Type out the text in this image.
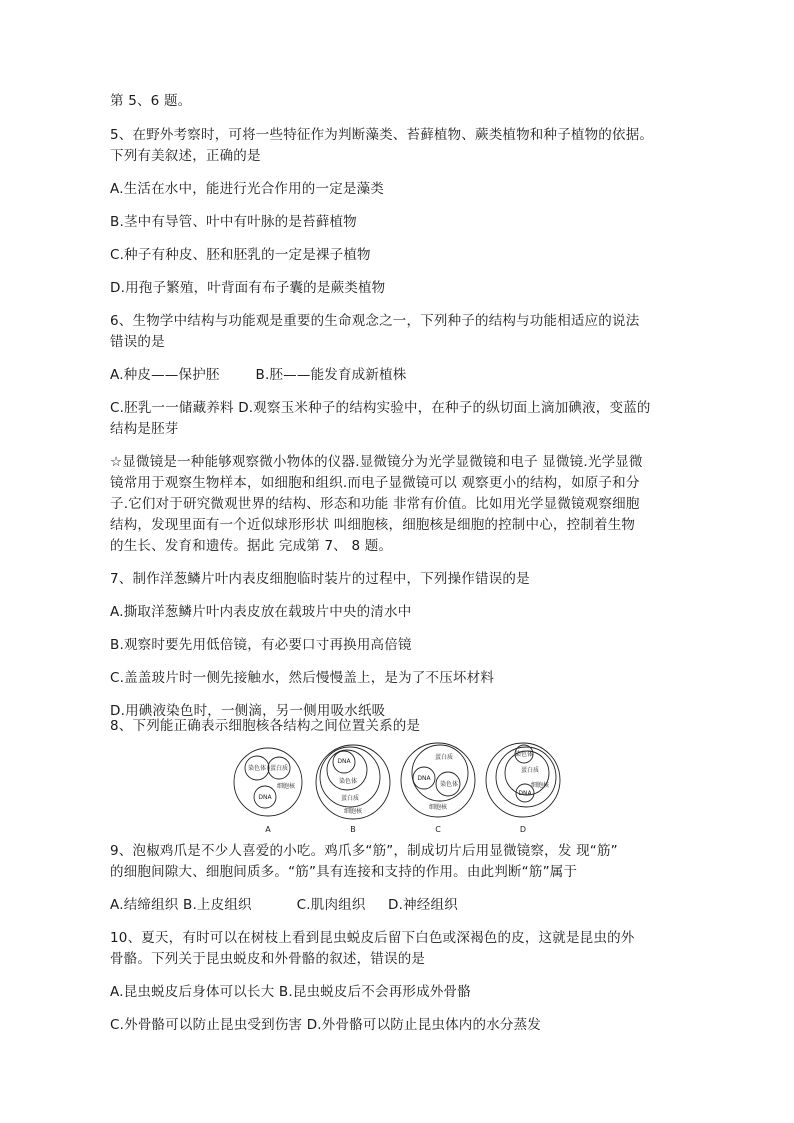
第 5、6 题。
5、在野外考察时，可将一些特征作为判断藻类、苔藓植物、蕨类植物和种子植物的依据。
下列有美叙述，正确的是
A.生活在水中，能进行光合作用的一定是藻类
B.茎中有导管、叶中有叶脉的是苔藓植物
C.种子有种皮、胚和胚乳的一定是裸子植物
D.用孢子繁殖，叶背面有布子囊的是蕨类植物
6、生物学中结构与功能观是重要的生命观念之一，下列种子的结构与功能相适应的说法
错误的是
A.种皮——保护胚        B.胚——能发育成新植株
C.胚乳一一储藏养料 D.观察玉米种子的结构实验中，在种子的纵切面上滴加碘液，变蓝的
结构是胚芽
☆显微镜是一种能够观察微小物体的仪器.显微镜分为光学显微镜和电子 显微镜.光学显微
镜常用于观察生物样本，如细胞和组织.而电子显微镜可以 观察更小的结构，如原子和分
子.它们对于研究微观世界的结构、形态和功能 非常有价值。比如用光学显微镜观察细胞
结构，发现里面有一个近似球形形状 叫细胞核，细胞核是细胞的控制中心，控制着生物
的生长、发育和遗传。据此 完成第 7、 8 题。
7、制作洋葱鳞片叶内表皮细胞临时装片的过程中，下列操作错误的是
A.撕取洋葱鳞片叶内表皮放在载玻片中央的清水中
B.观察时要先用低倍镜，有必要口寸再换用高倍镜
C.盖盖玻片时一侧先接触水，然后慢慢盖上，是为了不压坏材料
D.用碘液染色时，一侧滴，另一侧用吸水纸吸
8、下列能正确表示细胞核各结构之间位置关系的是
染色体 蛋白质
细胞核
DNA
A
DNA
染色体
蛋白质
细胞核
B
蛋白质
DNA
染色体
细胞核
C
染色体
蛋白质
细胞核
DNA
D
9、泡椒鸡爪是不少人喜爱的小吃。鸡爪多“筋”，制成切片后用显微镜察，发 现“筋”
的细胞间隙大、细胞间质多。“筋”具有连接和支持的作用。由此判断“筋”属于
A.结缔组织 B.上皮组织          C.肌肉组织     D.神经组织
10、夏天，有时可以在树枝上看到昆虫蜕皮后留下白色或深褐色的皮，这就是昆虫的外
骨骼。下列关于昆虫蜕皮和外骨骼的叙述，错误的是
A.昆虫蜕皮后身体可以长大 B.昆虫蜕皮后不会再形成外骨骼
C.外骨骼可以防止昆虫受到伤害 D.外骨骼可以防止昆虫体内的水分蒸发
